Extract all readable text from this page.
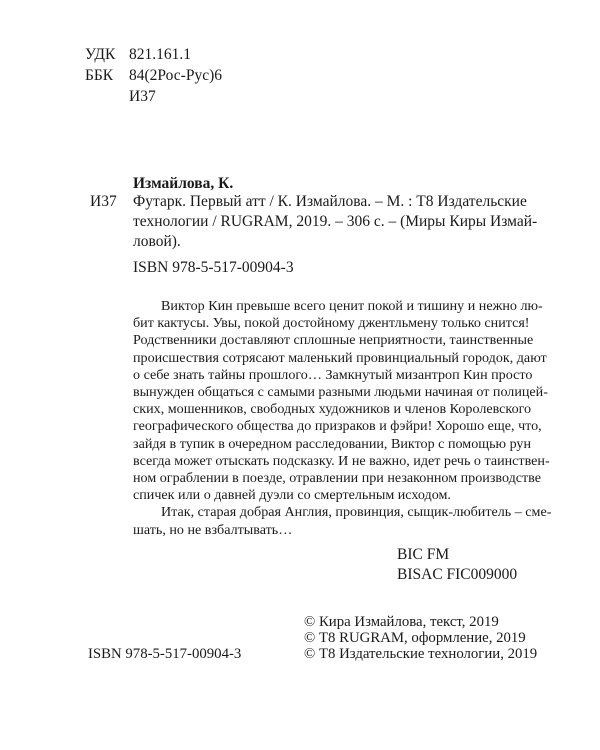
УДК 821.161.1
ББК 84(2Рос-Рус)6
И37
Измайлова, К.
И37 Футарк. Первый атт / К. Измайлова. – М. : Т8 Издательские
технологии / RUGRAM, 2019. – 306 с. – (Миры Киры Измай-
ловой).
ISBN 978-5-517-00904-3
Виктор Кин превыше всего ценит покой и тишину и нежно лю-
бит кактусы. Увы, покой достойному джентльмену только снится!
Родственники доставляют сплошные неприятности, таинственные
происшествия сотрясают маленький провинциальный городок, дают
о себе знать тайны прошлого… Замкнутый мизантроп Кин просто
вынужден общаться с самыми разными людьми начиная от полицей-
ских, мошенников, свободных художников и членов Королевского
географического общества до призраков и фэйри! Хорошо еще, что,
зайдя в тупик в очередном расследовании, Виктор с помощью рун
всегда может отыскать подсказку. И не важно, идет речь о таинствен-
ном ограблении в поезде, отравлении при незаконном производстве
спичек или о давней дуэли со смертельным исходом.
Итак, старая добрая Англия, провинция, сыщик-любитель – сме-
шать, но не взбалтывать…
BIC FM
BISAC FIC009000
ISBN 978-5-517-00904-3
© Кира Измайлова, текст, 2019
© Т8 RUGRAM, оформление, 2019
© Т8 Издательские технологии, 2019
